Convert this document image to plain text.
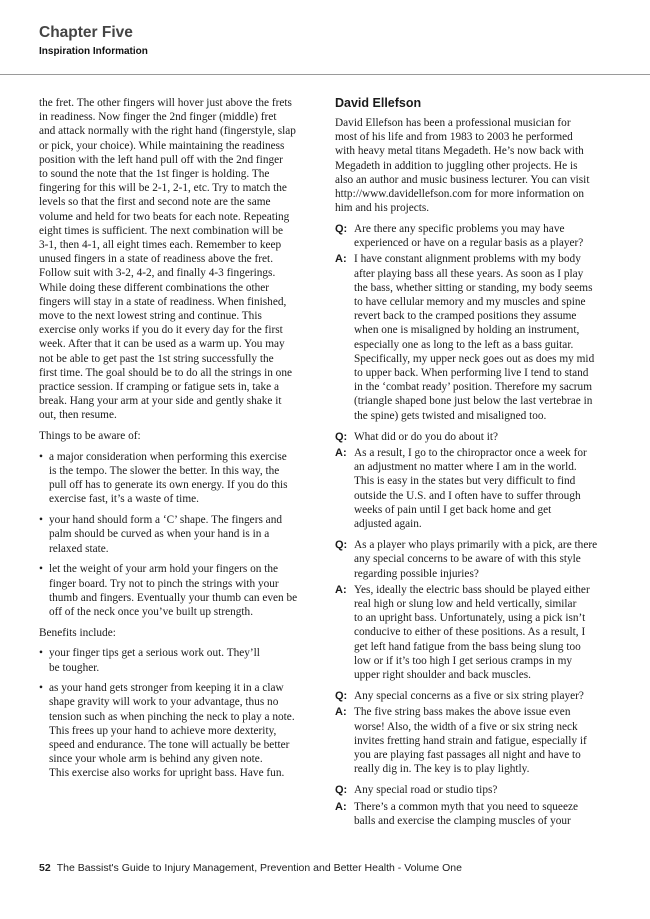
Chapter Five
Inspiration Information

the fret. The other fingers will hover just above the frets
in readiness. Now finger the 2nd finger (middle) fret
and attack normally with the right hand (fingerstyle, slap
or pick, your choice). While maintaining the readiness
position with the left hand pull off with the 2nd finger
to sound the note that the 1st finger is holding. The
fingering for this will be 2-1, 2-1, etc. Try to match the
levels so that the first and second note are the same
volume and held for two beats for each note. Repeating
eight times is sufficient. The next combination will be
3-1, then 4-1, all eight times each. Remember to keep
unused fingers in a state of readiness above the fret.
Follow suit with 3-2, 4-2, and finally 4-3 fingerings.
While doing these different combinations the other
fingers will stay in a state of readiness. When finished,
move to the next lowest string and continue. This
exercise only works if you do it every day for the first
week. After that it can be used as a warm up. You may
not be able to get past the 1st string successfully the
first time. The goal should be to do all the strings in one
practice session. If cramping or fatigue sets in, take a
break. Hang your arm at your side and gently shake it
out, then resume.

Things to be aware of:

• a major consideration when performing this exercise
is the tempo. The slower the better. In this way, the
pull off has to generate its own energy. If you do this
exercise fast, it’s a waste of time.
• your hand should form a ‘C’ shape. The fingers and
palm should be curved as when your hand is in a
relaxed state.
• let the weight of your arm hold your fingers on the
finger board. Try not to pinch the strings with your
thumb and fingers. Eventually your thumb can even be
off of the neck once you’ve built up strength.

Benefits include:

• your finger tips get a serious work out. They’ll
be tougher.
• as your hand gets stronger from keeping it in a claw
shape gravity will work to your advantage, thus no
tension such as when pinching the neck to play a note.
This frees up your hand to achieve more dexterity,
speed and endurance. The tone will actually be better
since your whole arm is behind any given note.
This exercise also works for upright bass. Have fun.
David Ellefson

David Ellefson has been a professional musician for
most of his life and from 1983 to 2003 he performed
with heavy metal titans Megadeth. He’s now back with
Megadeth in addition to juggling other projects. He is
also an author and music business lecturer. You can visit
http://www.davidellefson.com for more information on
him and his projects.

Q: Are there any specific problems you may have
experienced or have on a regular basis as a player?
A: I have constant alignment problems with my body
after playing bass all these years. As soon as I play
the bass, whether sitting or standing, my body seems
to have cellular memory and my muscles and spine
revert back to the cramped positions they assume
when one is misaligned by holding an instrument,
especially one as long to the left as a bass guitar.
Specifically, my upper neck goes out as does my mid
to upper back. When performing live I tend to stand
in the ‘combat ready’ position. Therefore my sacrum
(triangle shaped bone just below the last vertebrae in
the spine) gets twisted and misaligned too.
Q: What did or do you do about it?
A: As a result, I go to the chiropractor once a week for
an adjustment no matter where I am in the world.
This is easy in the states but very difficult to find
outside the U.S. and I often have to suffer through
weeks of pain until I get back home and get
adjusted again.
Q: As a player who plays primarily with a pick, are there
any special concerns to be aware of with this style
regarding possible injuries?
A: Yes, ideally the electric bass should be played either
real high or slung low and held vertically, similar
to an upright bass. Unfortunately, using a pick isn’t
conducive to either of these positions. As a result, I
get left hand fatigue from the bass being slung too
low or if it’s too high I get serious cramps in my
upper right shoulder and back muscles.
Q: Any special concerns as a five or six string player?
A: The five string bass makes the above issue even
worse! Also, the width of a five or six string neck
invites fretting hand strain and fatigue, especially if
you are playing fast passages all night and have to
really dig in. The key is to play lightly.
Q: Any special road or studio tips?
A: There’s a common myth that you need to squeeze
balls and exercise the clamping muscles of your
52 The Bassist's Guide to Injury Management, Prevention and Better Health - Volume One
